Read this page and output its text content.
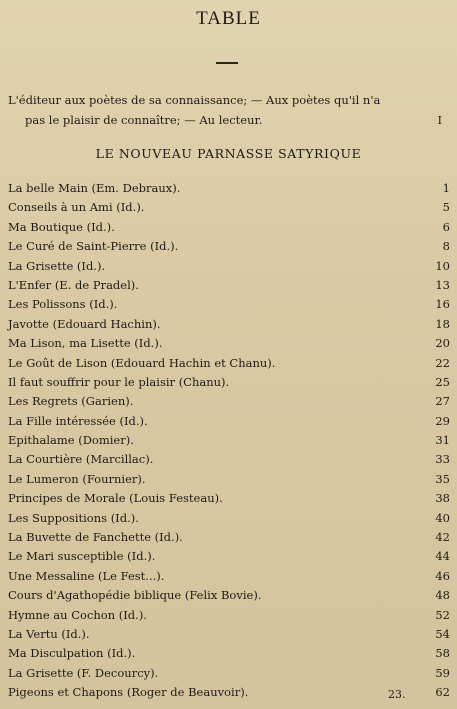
TABLE
L'éditeur aux poètes de sa connaissance; — Aux poètes qu'il n'a
pas le plaisir de connaître; — Au lecteur.	I
LE NOUVEAU PARNASSE SATYRIQUE
La belle Main (Em. Debraux).	1
Conseils à un Ami (Id.).	5
Ma Boutique (Id.).	6
Le Curé de Saint-Pierre (Id.).	8
La Grisette (Id.).	10
L'Enfer (E. de Pradel).	13
Les Polissons (Id.).	16
Javotte (Edouard Hachin).	18
Ma Lison, ma Lisette (Id.).	20
Le Goût de Lison (Edouard Hachin et Chanu).	22
Il faut souffrir pour le plaisir (Chanu).	25
Les Regrets (Garien).	27
La Fille intéressée (Id.).	29
Epithalame (Domier).	31
La Courtière (Marcillac).	33
Le Lumeron (Fournier).	35
Principes de Morale (Louis Festeau).	38
Les Suppositions (Id.).	40
La Buvette de Fanchette (Id.).	42
Le Mari susceptible (Id.).	44
Une Messaline (Le Fest...).	46
Cours d'Agathopédie biblique (Felix Bovie).	48
Hymne au Cochon (Id.).	52
La Vertu (Id.).	54
Ma Disculpation (Id.).	58
La Grisette (F. Decourcy).	59
Pigeons et Chapons (Roger de Beauvoir).	62
23.
